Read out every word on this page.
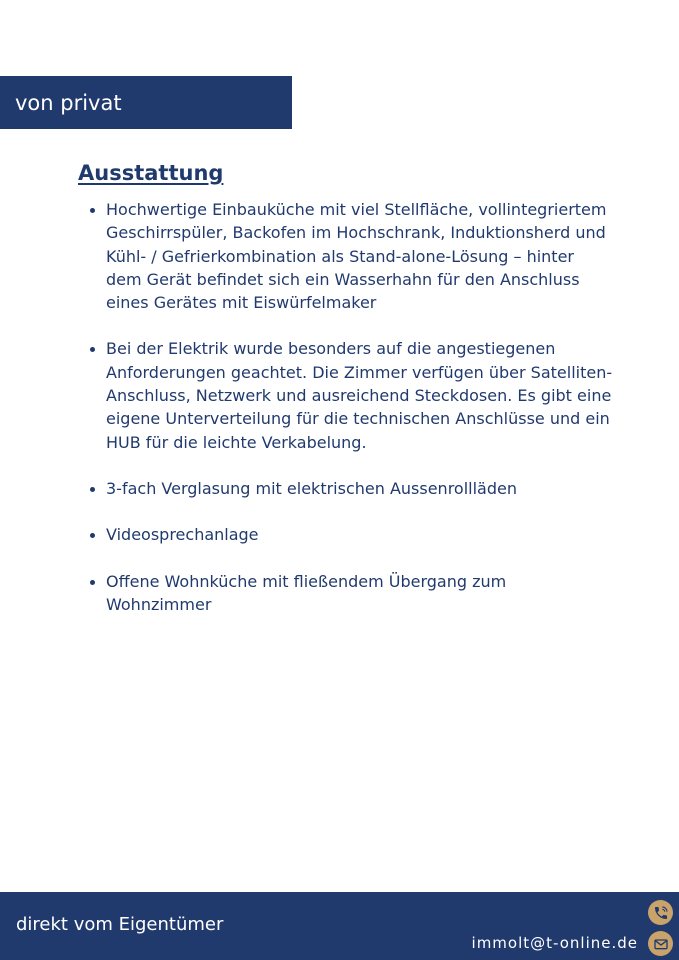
von privat
Ausstattung
Hochwertige Einbauküche mit viel Stellfläche, vollintegriertem Geschirrspüler, Backofen im Hochschrank, Induktionsherd und Kühl- / Gefrierkombination als Stand-alone-Lösung – hinter dem Gerät befindet sich ein Wasserhahn für den Anschluss eines Gerätes mit Eiswürfelmaker
Bei der Elektrik wurde besonders auf die angestiegenen Anforderungen geachtet. Die Zimmer verfügen über Satelliten-Anschluss, Netzwerk und ausreichend Steckdosen. Es gibt eine eigene Unterverteilung für die technischen Anschlüsse und ein HUB für die leichte Verkabelung.
3-fach Verglasung mit elektrischen Aussenrollläden
Videosprechanlage
Offene Wohnküche mit fließendem Übergang zum Wohnzimmer
direkt vom Eigentümer
immolt@t-online.de
